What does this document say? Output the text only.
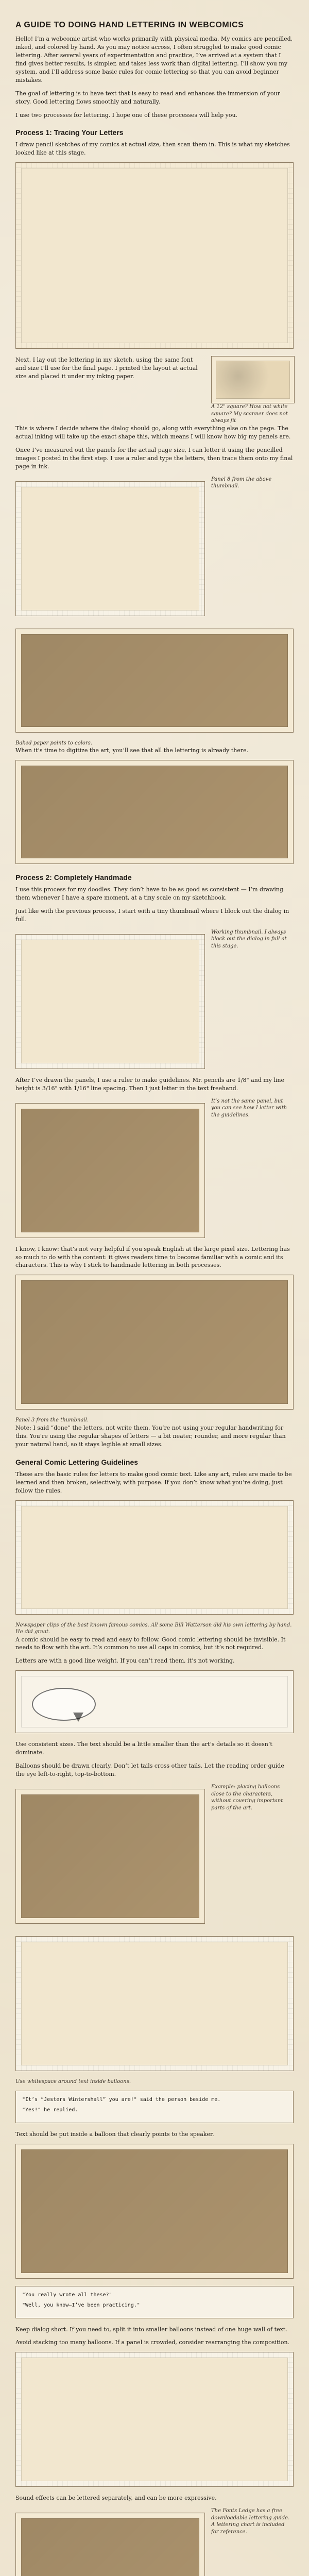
A GUIDE TO DOING HAND LETTERING IN WEBCOMICS

Hello! I’m a webcomic artist who works primarily with physical media. My comics are pencilled, inked, and colored by hand. As you may notice across, I often struggled to make good comic lettering. After several years of experimentation and practice, I’ve arrived at a system that I find gives better results, is simpler, and takes less work than digital lettering. I’ll show you my system, and I’ll address some basic rules for comic lettering so that you can avoid beginner mistakes.

The goal of lettering is to have text that is easy to read and enhances the immersion of your story. Good lettering flows smoothly and naturally.

I use two processes for lettering. I hope one of these processes will help you.

Process 1: Tracing Your Letters

I draw pencil sketches of my comics at actual size, then scan them in. This is what my sketches looked like at this stage.

Next, I lay out the lettering in my sketch, using the same font and size I’ll use for the final page. I printed the layout at actual size and placed it under my inking paper.

A 12" square? How not white square? My scanner does not always fit

This is where I decide where the dialog should go, along with everything else on the page. The actual inking will take up the exact shape this, which means I will know how big my panels are.

Once I’ve measured out the panels for the actual page size, I can letter it using the pencilled images I posted in the first step. I use a ruler and type the letters, then trace them onto my final page in ink.

Panel 8 from the above thumbnail.
Baked paper points to colors.

When it’s time to digitize the art, you’ll see that all the lettering is already there.

Process 2: Completely Handmade

I use this process for my doodles. They don’t have to be as good as consistent — I’m drawing them whenever I have a spare moment, at a tiny scale on my sketchbook.

Just like with the previous process, I start with a tiny thumbnail where I block out the dialog in full.

Working thumbnail. I always block out the dialog in full at this stage.

After I’ve drawn the panels, I use a ruler to make guidelines. Mr. pencils are 1/8" and my line height is 3/16" with 1/16" line spacing. Then I just letter in the text freehand.

It’s not the same panel, but you can see how I letter with the guidelines.

I know, I know: that’s not very helpful if you speak English at the large pixel size. Lettering has so much to do with the content: it gives readers time to become familiar with a comic and its characters. This is why I stick to handmade lettering in both processes.

Panel 3 from the thumbnail.

Note: I said “done” the letters, not write them. You’re not using your regular handwriting for this. You’re using the regular shapes of letters — a bit neater, rounder, and more regular than your natural hand, so it stays legible at small sizes.

General Comic Lettering Guidelines

These are the basic rules for letters to make good comic text. Like any art, rules are made to be learned and then broken, selectively, with purpose. If you don’t know what you’re doing, just follow the rules.

Newspaper clips of the best known famous comics. All some Bill Watterson did his own lettering by hand. He did great.

A comic should be easy to read and easy to follow. Good comic lettering should be invisible. It needs to flow with the art. It’s common to use all caps in comics, but it’s not required.

Letters are with a good line weight. If you can’t read them, it’s not working.

Use consistent sizes. The text should be a little smaller than the art’s details so it doesn’t dominate.

Balloons should be drawn clearly. Don’t let tails cross other tails. Let the reading order guide the eye left-to-right, top-to-bottom.

Example: placing balloons close to the characters, without covering important parts of the art.
Use whitespace around text inside balloons.

"It’s “Jesters Wintershall” you are!" said the person beside me.

"Yes!" he replied.

Text should be put inside a balloon that clearly points to the speaker.

"You really wrote all these?"

"Well, you know—I’ve been practicing."

Keep dialog short. If you need to, split it into smaller balloons instead of one huge wall of text.

Avoid stacking too many balloons. If a panel is crowded, consider rearranging the composition.

Sound effects can be lettered separately, and can be more expressive.

The Fonts Ledge has a free downloadable lettering guide. A lettering chart is included for reference.
